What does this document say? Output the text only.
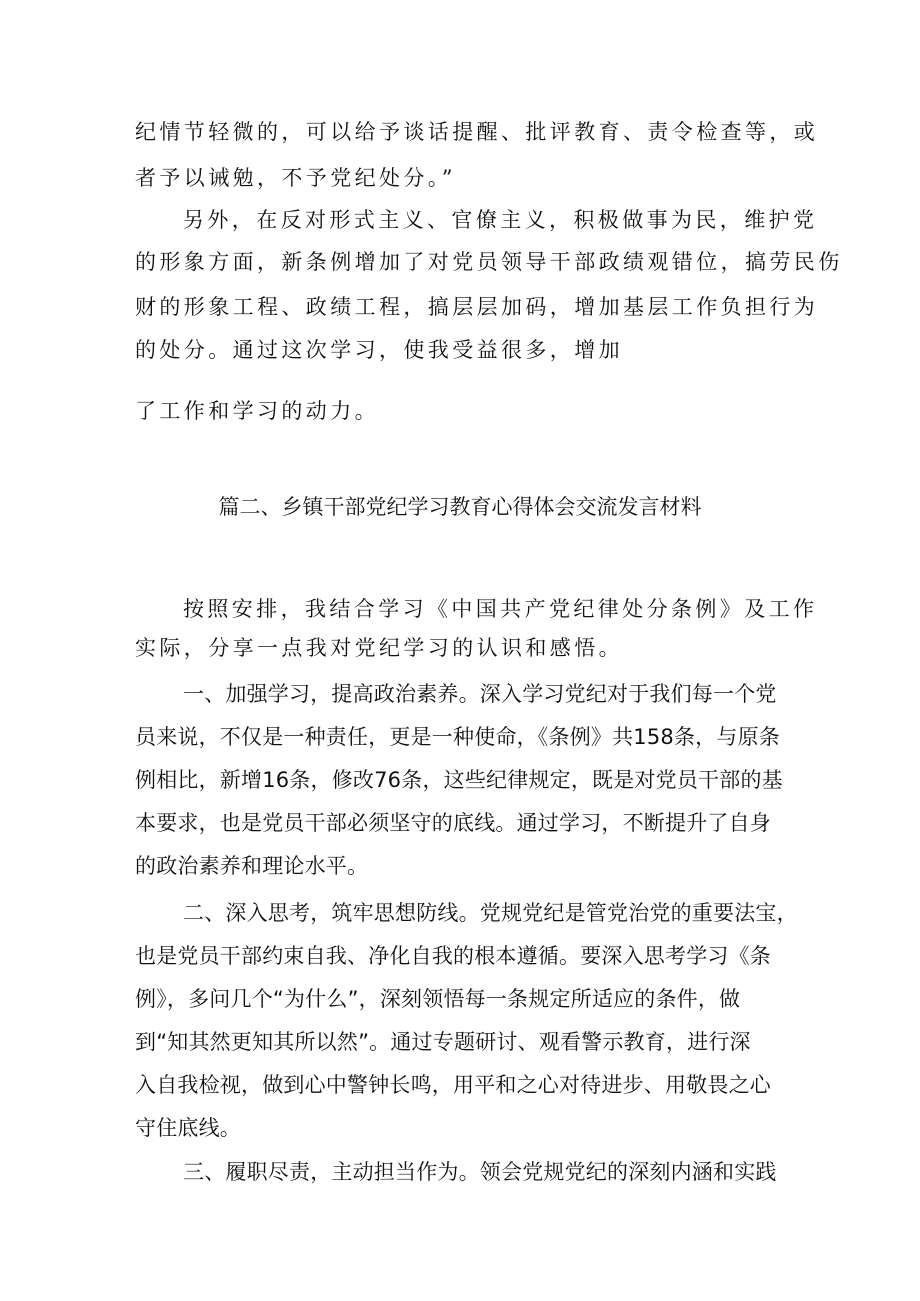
纪情节轻微的，可以给予谈话提醒、批评教育、责令检查等，或

者予以诫勉，不予党纪处分。”

另外，在反对形式主义、官僚主义，积极做事为民，维护党

的形象方面，新条例增加了对党员领导干部政绩观错位，搞劳民伤

财的形象工程、政绩工程，搞层层加码，增加基层工作负担行为

的处分。通过这次学习，使我受益很多，增加

了工作和学习的动力。

篇二、乡镇干部党纪学习教育心得体会交流发言材料

按照安排，我结合学习《中国共产党纪律处分条例》及工作

实际，分享一点我对党纪学习的认识和感悟。

一、加强学习，提高政治素养。深入学习党纪对于我们每一个党

员来说，不仅是一种责任，更是一种使命，《条例》共158条，与原条

例相比，新增16条，修改76条，这些纪律规定，既是对党员干部的基

本要求，也是党员干部必须坚守的底线。通过学习，不断提升了自身

的政治素养和理论水平。

二、深入思考，筑牢思想防线。党规党纪是管党治党的重要法宝，

也是党员干部约束自我、净化自我的根本遵循。要深入思考学习《条

例》，多问几个“为什么”，深刻领悟每一条规定所适应的条件，做

到“知其然更知其所以然”。通过专题研讨、观看警示教育，进行深

入自我检视，做到心中警钟长鸣，用平和之心对待进步、用敬畏之心

守住底线。

三、履职尽责，主动担当作为。领会党规党纪的深刻内涵和实践
